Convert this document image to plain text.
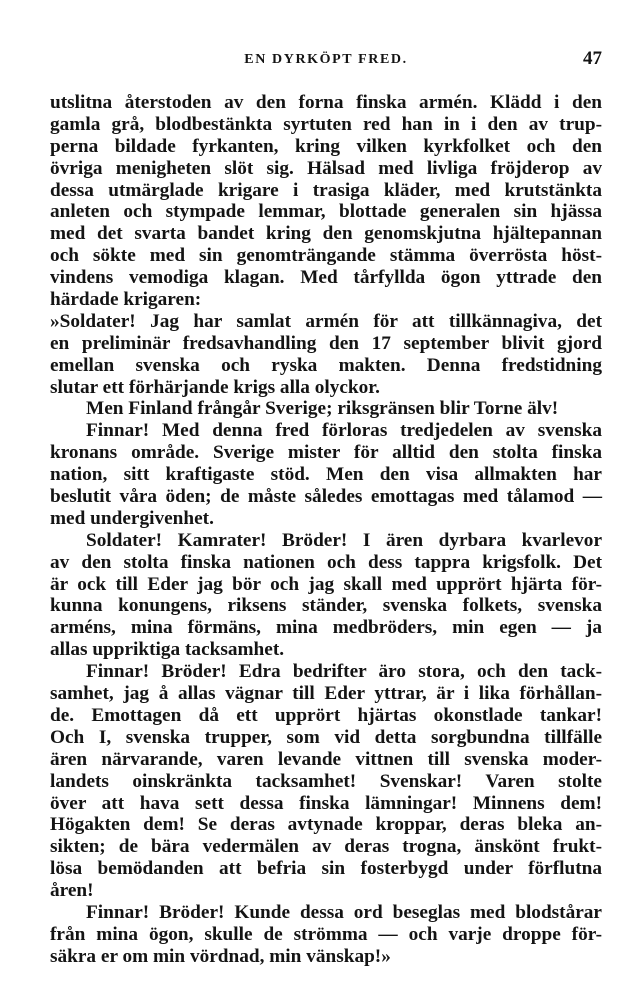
EN DYRKÖPT FRED.	47
utslitna återstoden av den forna finska armén. Klädd i den
gamla grå, blodbestänkta syrtuten red han in i den av trup-
perna bildade fyrkanten, kring vilken kyrkfolket och den
övriga menigheten slöt sig. Hälsad med livliga fröjderop av
dessa utmärglade krigare i trasiga kläder, med krutstänkta
anleten och stympade lemmar, blottade generalen sin hjässa
med det svarta bandet kring den genomskjutna hjältepannan
och sökte med sin genomträngande stämma överrösta höst-
vindens vemodiga klagan. Med tårfyllda ögon yttrade den
härdade krigaren:
»Soldater! Jag har samlat armén för att tillkännagiva, det
en preliminär fredsavhandling den 17 september blivit gjord
emellan svenska och ryska makten. Denna fredstidning
slutar ett förhärjande krigs alla olyckor.
Men Finland frångår Sverige; riksgränsen blir Torne älv!
Finnar! Med denna fred förloras tredjedelen av svenska
kronans område. Sverige mister för alltid den stolta finska
nation, sitt kraftigaste stöd. Men den visa allmakten har
beslutit våra öden; de måste således emottagas med tålamod —
med undergivenhet.
Soldater! Kamrater! Bröder! I ären dyrbara kvarlevor
av den stolta finska nationen och dess tappra krigsfolk. Det
är ock till Eder jag bör och jag skall med upprört hjärta för-
kunna konungens, riksens ständer, svenska folkets, svenska
arméns, mina förmäns, mina medbröders, min egen — ja
allas uppriktiga tacksamhet.
Finnar! Bröder! Edra bedrifter äro stora, och den tack-
samhet, jag å allas vägnar till Eder yttrar, är i lika förhållan-
de. Emottagen då ett upprört hjärtas okonstlade tankar!
Och I, svenska trupper, som vid detta sorgbundna tillfälle
ären närvarande, varen levande vittnen till svenska moder-
landets oinskränkta tacksamhet! Svenskar! Varen stolte
över att hava sett dessa finska lämningar! Minnens dem!
Högakten dem! Se deras avtynade kroppar, deras bleka an-
sikten; de bära vedermälen av deras trogna, änskönt frukt-
lösa bemödanden att befria sin fosterbygd under förflutna
åren!
Finnar! Bröder! Kunde dessa ord beseglas med blodstårar
från mina ögon, skulle de strömma — och varje droppe för-
säkra er om min vördnad, min vänskap!»
